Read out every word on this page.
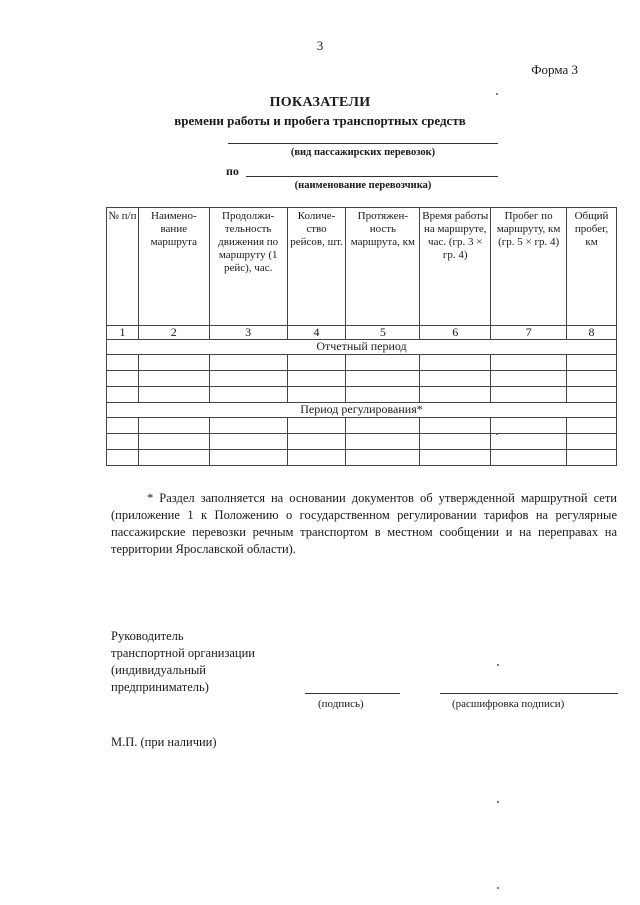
3
Форма 3
ПОКАЗАТЕЛИ
времени работы и пробега транспортных средств
(вид пассажирских перевозок)
по
(наименование перевозчика)
№ п/п	Наимено-вание маршрута	Продолжи-тельность движения по маршруту (1 рейс), час.	Количе-ство рейсов, шт.	Протяжен-ность маршрута, км	Время работы на маршруте, час. (гр. 3 × гр. 4)	Пробег по маршруту, км (гр. 5 × гр. 4)	Общий пробег, км
1	2	3	4	5	6	7	8
Отчетный период							

Период регулирования*							

* Раздел заполняется на основании документов об утвержденной маршрутной сети (приложение 1 к Положению о государственном регулировании тарифов на регулярные пассажирские перевозки речным транспортом в местном сообщении и на переправах на территории Ярославской области).
Руководитель
транспортной организации
(индивидуальный
предприниматель)
(подпись)	(расшифровка подписи)
М.П. (при наличии)
